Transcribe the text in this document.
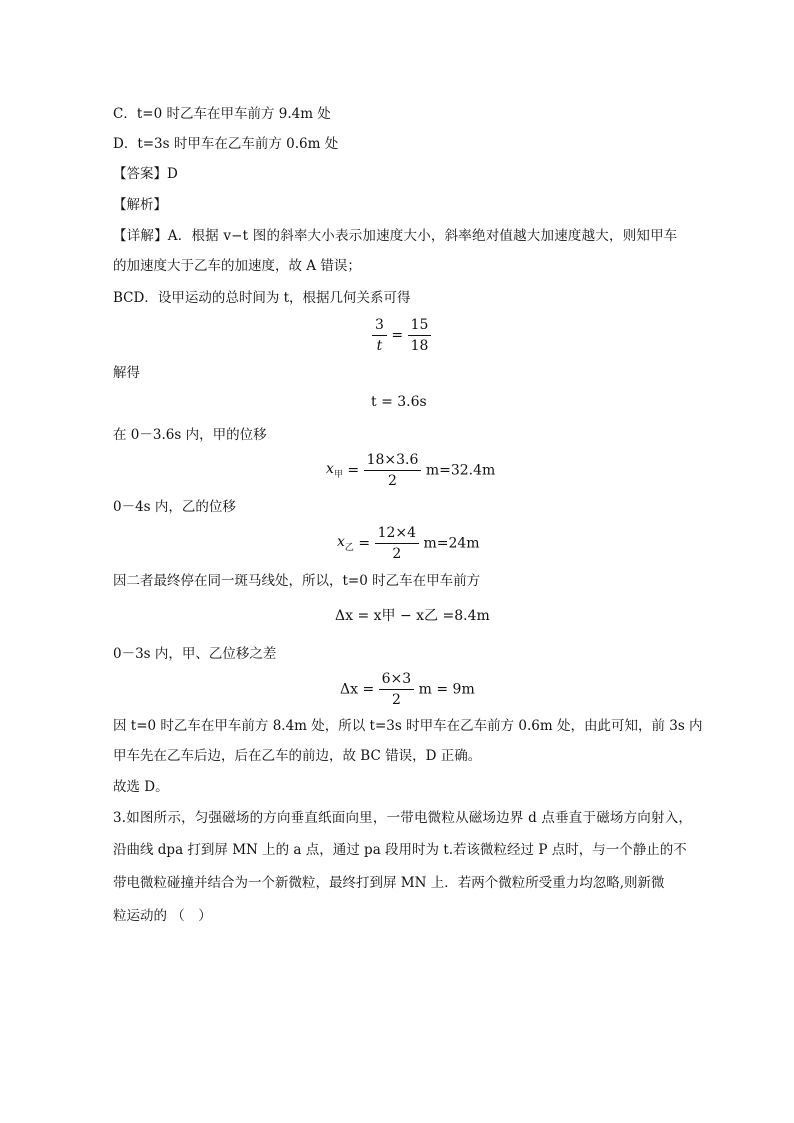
C．t=0 时乙车在甲车前方 9.4m 处
D．t=3s 时甲车在乙车前方 0.6m 处
【答案】D
【解析】
【详解】A．根据 v−t 图的斜率大小表示加速度大小，斜率绝对值越大加速度越大，则知甲车
的加速度大于乙车的加速度，故 A 错误；
BCD．设甲运动的总时间为 t，根据几何关系可得
$\frac{3}{t} = \frac{15}{18}$
解得
t = 3.6s
在 0－3.6s 内，甲的位移
$x_甲 = \frac{18\times 3.6}{2} m=32.4m$
0－4s 内，乙的位移
$x_乙 = \frac{12\times 4}{2} m=24m$
因二者最终停在同一斑马线处，所以，t=0 时乙车在甲车前方
Δx = x甲 − x乙 =8.4m
0－3s 内，甲、乙位移之差
$\Delta x = \frac{6\times 3}{2}$ m = 9m
因 t=0 时乙车在甲车前方 8.4m 处，所以 t=3s 时甲车在乙车前方 0.6m 处，由此可知，前 3s 内
甲车先在乙车后边，后在乙车的前边，故 BC 错误，D 正确。
故选 D。
3.如图所示，匀强磁场的方向垂直纸面向里，一带电微粒从磁场边界 d 点垂直于磁场方向射入，
沿曲线 dpa 打到屏 MN 上的 a 点，通过 pa 段用时为 t.若该微粒经过 P 点时，与一个静止的不
带电微粒碰撞并结合为一个新微粒，最终打到屏 MN 上．若两个微粒所受重力均忽略,则新微
粒运动的 （　）
